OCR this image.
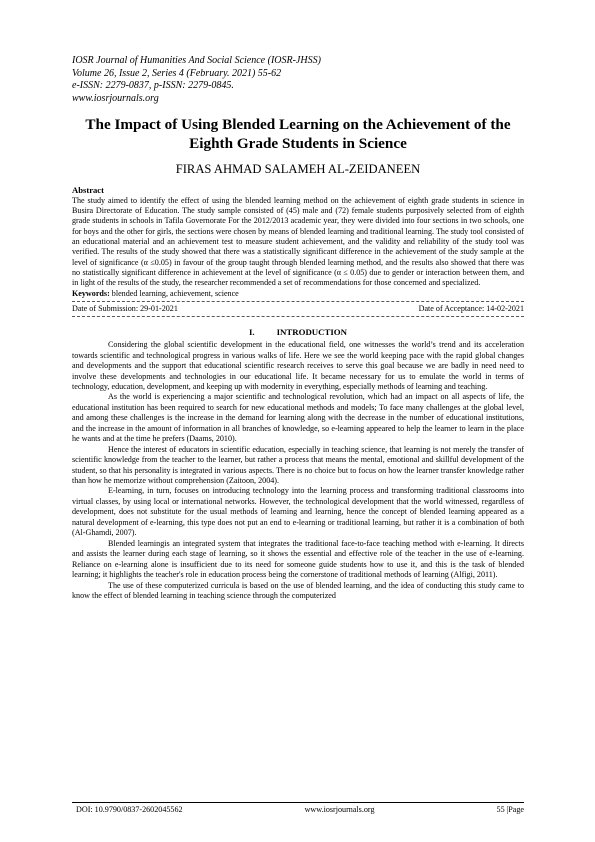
IOSR Journal of Humanities And Social Science (IOSR-JHSS)

Volume 26, Issue 2, Series 4 (February. 2021) 55-62

e-ISSN: 2279-0837, p-ISSN: 2279-0845.

www.iosrjournals.org

The Impact of Using Blended Learning on the Achievement of the Eighth Grade Students in Science

FIRAS AHMAD SALAMEH AL-ZEIDANEEN

Abstract

The study aimed to identify the effect of using the blended learning method on the achievement of eighth grade students in science in Busira Directorate of Education. The study sample consisted of (45) male and (72) female students purposively selected from of eighth grade students in schools in Tafila Governorate For the 2012/2013 academic year, they were divided into four sections in two schools, one for boys and the other for girls, the sections were chosen by means of blended learning and traditional learning. The study tool consisted of an educational material and an achievement test to measure student achievement, and the validity and reliability of the study tool was verified. The results of the study showed that there was a statistically significant difference in the achievement of the study sample at the level of significance (α ≤0.05) in favour of the group taught through blended learning method, and the results also showed that there was no statistically significant difference in achievement at the level of significance (α ≤ 0.05) due to gender or interaction between them, and in light of the results of the study, the researcher recommended a set of recommendations for those concerned and specialized.

Keywords: blended learning, achievement, science

Date of Submission: 29-01-2021	Date of Acceptance: 14-02-2021
I.	INTRODUCTION

Considering the global scientific development in the educational field, one witnesses the world’s trend and its acceleration towards scientific and technological progress in various walks of life. Here we see the world keeping pace with the rapid global changes and developments and the support that educational scientific research receives to serve this goal because we are badly in need need to involve these developments and technologies in our educational life. It became necessary for us to emulate the world in terms of technology, education, development, and keeping up with modernity in everything, especially methods of learning and teaching.

As the world is experiencing a major scientific and technological revolution, which had an impact on all aspects of life, the educational institution has been required to search for new educational methods and models; To face many challenges at the global level, and among these challenges is the increase in the demand for learning along with the decrease in the number of educational institutions, and the increase in the amount of information in all branches of knowledge, so e-learning appeared to help the learner to learn in the place he wants and at the time he prefers (Daams, 2010).

Hence the interest of educators in scientific education, especially in teaching science, that learning is not merely the transfer of scientific knowledge from the teacher to the learner, but rather a process that means the mental, emotional and skillful development of the student, so that his personality is integrated in various aspects. There is no choice but to focus on how the learner transfer knowledge rather than how he memorize without comprehension (Zaitoon, 2004).

E-learning, in turn, focuses on introducing technology into the learning process and transforming traditional classrooms into virtual classes, by using local or international networks. However, the technological development that the world witnessed, regardless of development, does not substitute for the usual methods of learning and learning, hence the concept of blended learning appeared as a natural development of e-learning, this type does not put an end to e-learning or traditional learning, but rather it is a combination of both (Al-Ghamdi, 2007).

Blended learningis an integrated system that integrates the traditional face-to-face teaching method with e-learning. It directs and assists the learner during each stage of learning, so it shows the essential and effective role of the teacher in the use of e-learning. Reliance on e-learning alone is insufficient due to its need for someone guide students how to use it, and this is the task of blended learning; it highlights the teacher's role in education process being the cornerstone of traditional methods of learning (Alfigi, 2011).

The use of these computerized curricula is based on the use of blended learning, and the idea of conducting this study came to know the effect of blended learning in teaching science through the computerized

DOI: 10.9790/0837-2602045562	www.iosrjournals.org	55 |Page
